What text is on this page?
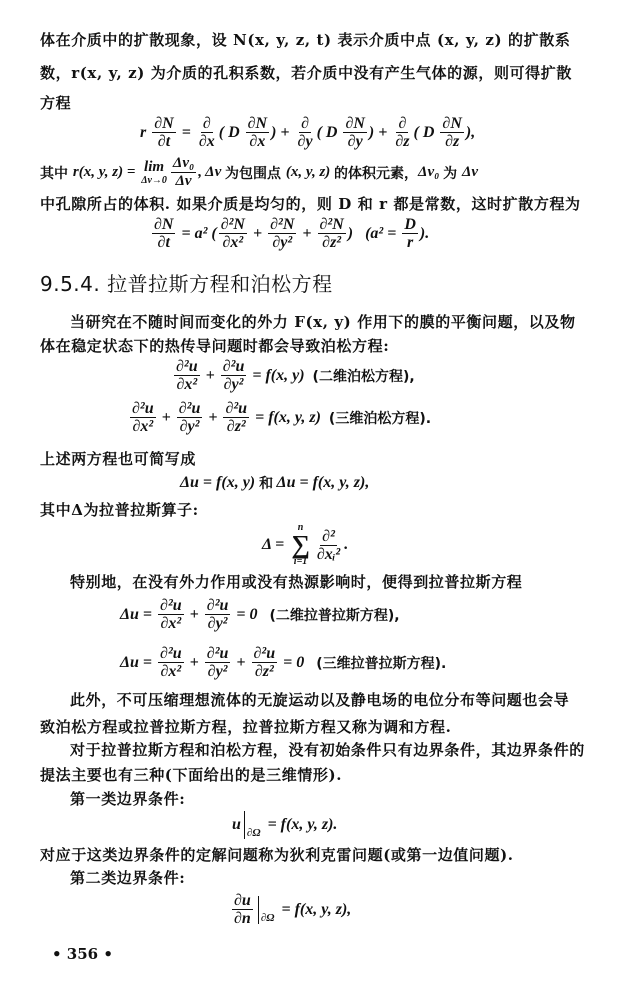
体在介质中的扩散现象，设 N(x, y, z, t) 表示介质中点 (x, y, z) 的扩散系
数，r(x, y, z) 为介质的孔积系数，若介质中没有产生气体的源，则可得扩散
方程
r $\frac{\partial N}{\partial t} = \frac{\partial}{\partial x}$ ( D $\frac{\partial N}{\partial x}$ ) + $\frac{\partial}{\partial y}$ ( D $\frac{\partial N}{\partial y}$ ) + $\frac{\partial}{\partial z}$ ( D $\frac{\partial N}{\partial z}$ ),
其中 r(x, y, z) = lim
$\Delta v\to 0 \frac{\text{Δv₀}}{\Delta v}$ , Δv 为包围点 (x, y, z) 的体积元素， Δv₀ 为 Δv
中孔隙所占的体积. 如果介质是均匀的，则 D 和 r 都是常数，这时扩散方程为
$\frac{\partial N}{\partial t} = a^2$ ( $\frac{\text{∂²N}}{\text{∂x²}} + \frac{\text{∂²N}}{\text{∂y²}} + \frac{\text{∂²N}}{\text{∂z²}}$ )   ($a^2 = \frac{D}{r}$ ).
9.5.4. 拉普拉斯方程和泊松方程
当研究在不随时间而变化的外力 F(x, y) 作用下的膜的平衡问题，以及物
体在稳定状态下的热传导问题时都会导致泊松方程:
$\frac{\text{∂²u}}{\text{∂x²}} + \frac{\text{∂²u}}{\text{∂y²}} = f(x$, y) (二维泊松方程),
$\frac{\text{∂²u}}{\text{∂x²}} + \frac{\text{∂²u}}{\text{∂y²}} + \frac{\text{∂²u}}{\text{∂z²}} = f(x$, y, z) (三维泊松方程).
上述两方程也可简写成
Δu = f(x, y) 和 Δu = f(x, y, z),
其中Δ为拉普拉斯算子:
Δ =
n
∑
$i=1 \frac{\text{∂²}}{\text{∂xᵢ²}}$ .
特别地，在没有外力作用或没有热源影响时，便得到拉普拉斯方程
$\Delta u = \frac{\text{∂²u}}{\text{∂x²}} + \frac{\text{∂²u}}{\text{∂y²}} = 0$ (二维拉普拉斯方程),
$\Delta u = \frac{\text{∂²u}}{\text{∂x²}} + \frac{\text{∂²u}}{\text{∂y²}} + \frac{\text{∂²u}}{\text{∂z²}} = 0$ (三维拉普拉斯方程).
此外，不可压缩理想流体的无旋运动以及静电场的电位分布等问题也会导
致泊松方程或拉普拉斯方程，拉普拉斯方程又称为调和方程.
对于拉普拉斯方程和泊松方程，没有初始条件只有边界条件，其边界条件的
提法主要也有三种(下面给出的是三维情形).
第一类边界条件:
u ∂Ω = f(x, y, z).
对应于这类边界条件的定解问题称为狄利克雷问题(或第一边值问题).
第二类边界条件:
$\frac{\partial u}{\partial n} \partial\Omega = f(x$, y, z),
• 356 •
